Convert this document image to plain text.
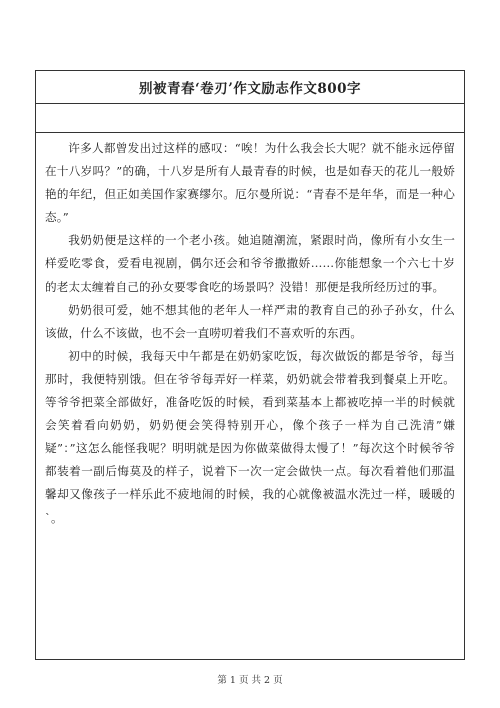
别被青春‘卷刃’作文励志作文800字

许多人都曾发出过这样的感叹：“唉！为什么我会长大呢？就不能永远停留在十八岁吗？”的确，十八岁是所有人最青春的时候，也是如春天的花儿一般娇艳的年纪，但正如美国作家赛缪尔。厄尔曼所说：“青春不是年华，而是一种心态。”

我奶奶便是这样的一个老小孩。她追随潮流，紧跟时尚，像所有小女生一样爱吃零食，爱看电视剧，偶尔还会和爷爷撒撒娇……你能想象一个六七十岁的老太太缠着自己的孙女要零食吃的场景吗？没错！那便是我所经历过的事。

奶奶很可爱，她不想其他的老年人一样严肃的教育自己的孙子孙女，什么该做，什么不该做，也不会一直唠叨着我们不喜欢听的东西。

初中的时候，我每天中午都是在奶奶家吃饭，每次做饭的都是爷爷，每当那时，我便特别饿。但在爷爷每弄好一样菜，奶奶就会带着我到餐桌上开吃。等爷爷把菜全部做好，准备吃饭的时候，看到菜基本上都被吃掉一半的时候就会笑着看向奶奶，奶奶便会笑得特别开心，像个孩子一样为自己洗清”嫌疑”：”这怎么能怪我呢？明明就是因为你做菜做得太慢了！”每次这个时候爷爷都装着一副后悔莫及的样子，说着下一次一定会做快一点。每次看着他们那温馨却又像孩子一样乐此不疲地闹的时候，我的心就像被温水洗过一样，暖暖的`。

第 1 页 共 2 页
